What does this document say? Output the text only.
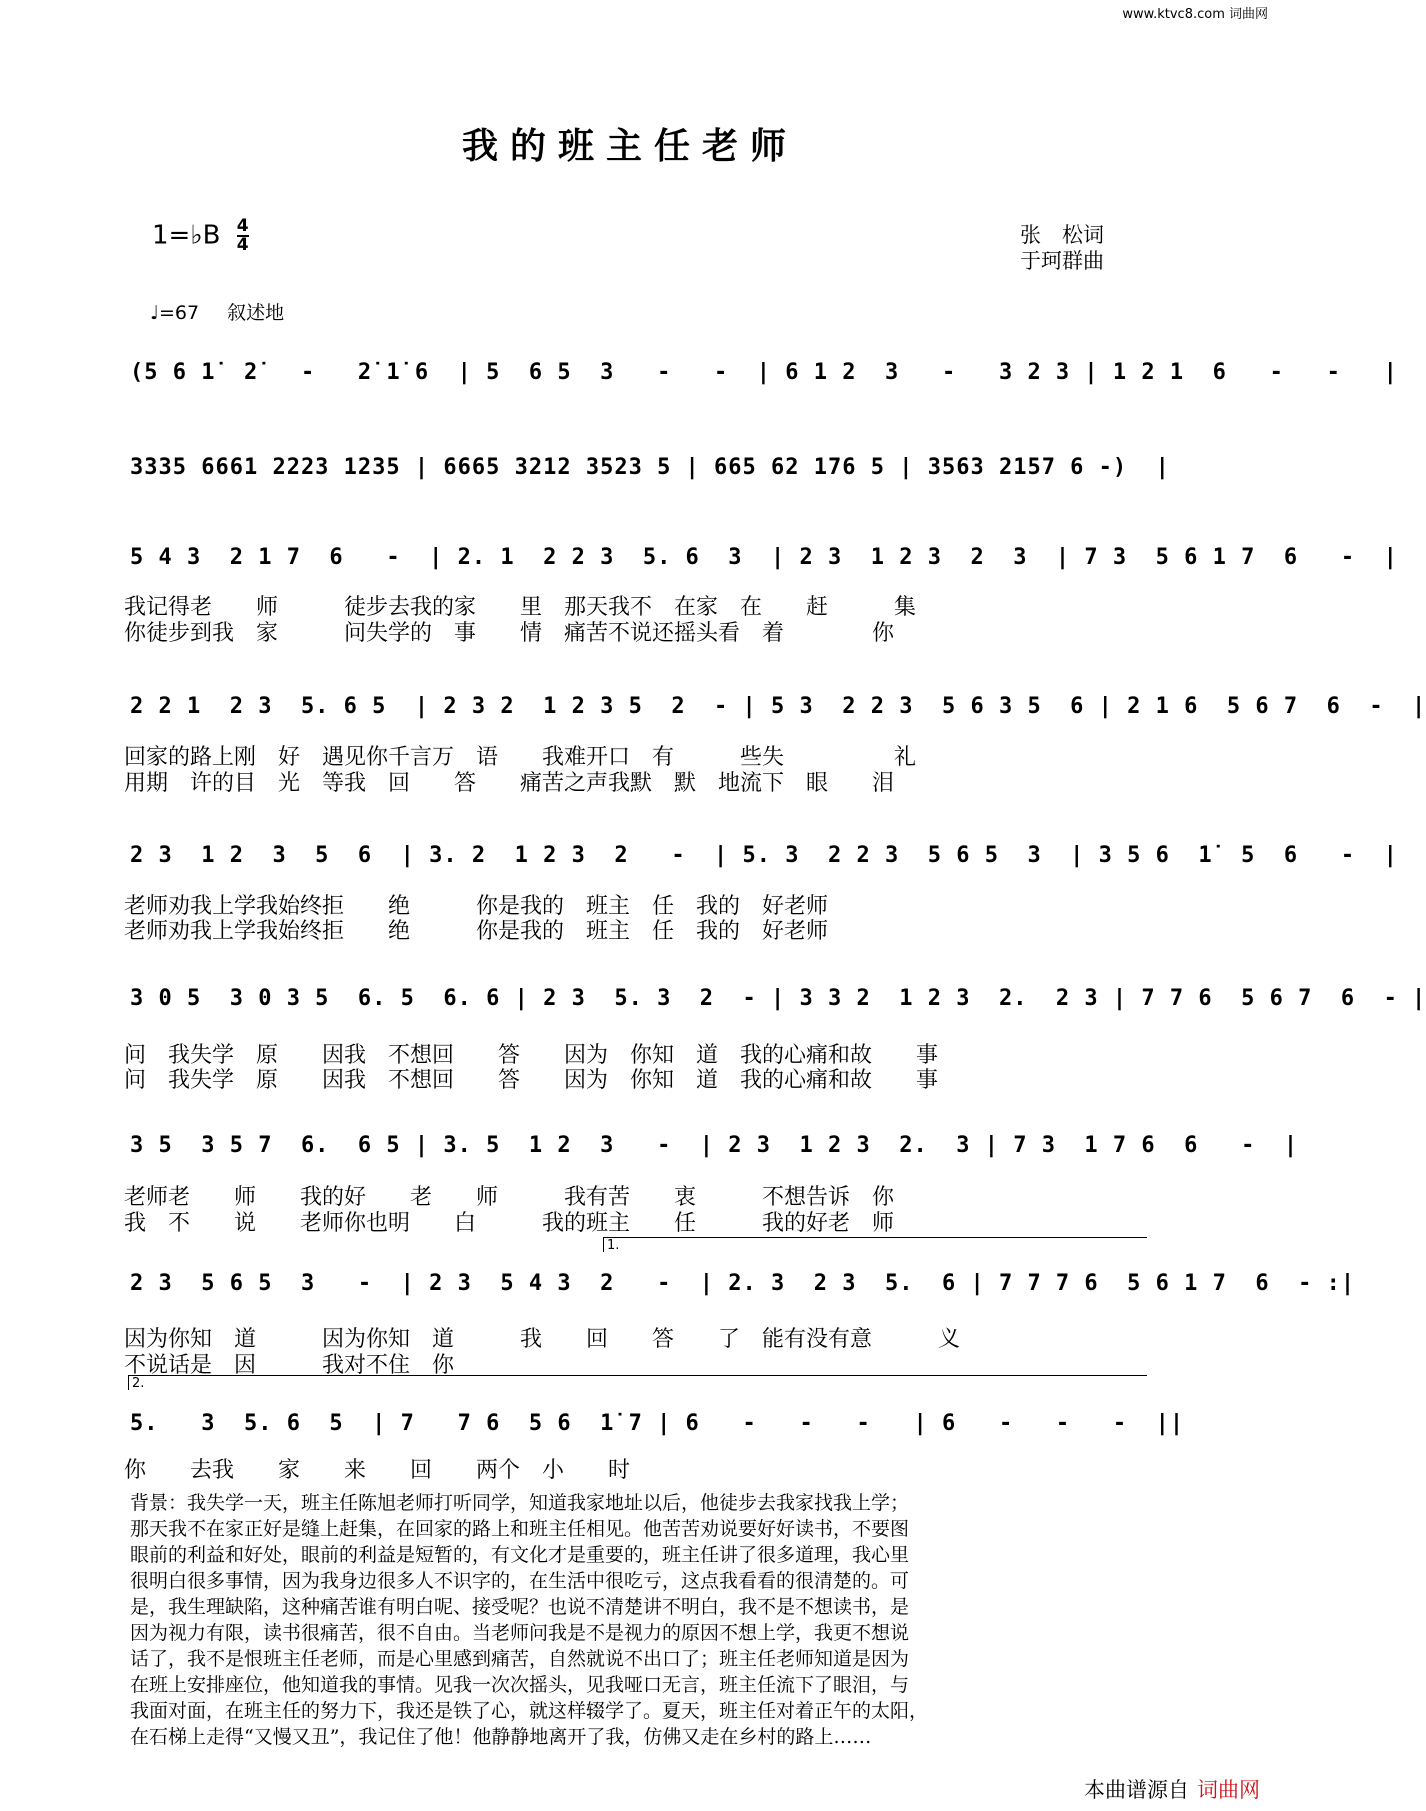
www.ktvc8.com 词曲网
我的班主任老师
1=♭B $\frac{4}{4}$	张　松词
于珂群曲
♩=67 叙述地
(5 6 1̇  2̇   -   2̇ 1̇ 6  | 5  6 5  3   -   -  | 6 1 2  3   -   3 2 3 | 1 2 1  6   -   -   |
3335 6661 2223 1235 | 6665 3212 3523 5 | 665 62 176 5 | 3563 2157 6 -)  |
5 4 3  2 1 7  6   -  | 2. 1  2 2 3  5. 6  3  | 2 3  1 2 3  2  3  | 7 3  5 6 1 7  6   -  |
我记得老　　师　　　徒步去我的家　　里　那天我不　在家　在　　赶　　　集
你徒步到我　家　　　问失学的　事　　情　痛苦不说还摇头看　着　　　　你
2 2 1  2 3  5. 6 5  | 2 3 2  1 2 3 5  2  - | 5 3  2 2 3  5 6 3 5  6 | 2 1 6  5 6 7  6  -  |
回家的路上刚　好　遇见你千言万　语　　我难开口　有　　　些失　　　　　礼
用期　许的目　光　等我　回　　答　　痛苦之声我默　默　地流下　眼　　泪
2 3  1 2  3  5  6  | 3. 2  1 2 3  2   -  | 5. 3  2 2 3  5 6 5  3  | 3 5 6  1̇  5  6   -  |
老师劝我上学我始终拒　　绝　　　你是我的　班主　任　我的　好老师
老师劝我上学我始终拒　　绝　　　你是我的　班主　任　我的　好老师
3 0 5  3 0 3 5  6. 5  6. 6 | 2 3  5. 3  2  - | 3 3 2  1 2 3  2.  2 3 | 7 7 6  5 6 7  6  - |
问　我失学　原　　因我　不想回　　答　　因为　你知　道　我的心痛和故　　事
问　我失学　原　　因我　不想回　　答　　因为　你知　道　我的心痛和故　　事
3 5  3 5 7  6.  6 5 | 3. 5  1 2  3   -  | 2 3  1 2 3  2.  3 | 7 3  1 7 6  6   -  |
老师老　　师　　我的好　　老　　师　　　我有苦　　衷　　　不想告诉　你
我　不　　说　　老师你也明　　白　　　我的班主　　任　　　我的好老　师
1.
2 3  5 6 5  3   -  | 2 3  5 4 3  2   -  | 2. 3  2 3  5.  6 | 7 7 7 6  5 6 1 7  6  - :|
因为你知　道　　　因为你知　道　　　我　　回　　答　　了　能有没有意　　　义
不说话是　因　　　我对不住　你
2.
5.   3  5. 6  5  | 7   7 6  5 6  1̇ 7 | 6   -   -   -   | 6   -   -   -  ||
你　　去我　　家　　来　　回　　两个　小　　时

背景：我失学一天，班主任陈旭老师打听同学，知道我家地址以后，他徒步去我家找我上学；

那天我不在家正好是缝上赶集，在回家的路上和班主任相见。他苦苦劝说要好好读书，不要图

眼前的利益和好处，眼前的利益是短暂的，有文化才是重要的，班主任讲了很多道理，我心里

很明白很多事情，因为我身边很多人不识字的，在生活中很吃亏，这点我看看的很清楚的。可

是，我生理缺陷，这种痛苦谁有明白呢、接受呢？也说不清楚讲不明白，我不是不想读书，是

因为视力有限，读书很痛苦，很不自由。当老师问我是不是视力的原因不想上学，我更不想说

话了，我不是恨班主任老师，而是心里感到痛苦，自然就说不出口了；班主任老师知道是因为

在班上安排座位，他知道我的事情。见我一次次摇头，见我哑口无言，班主任流下了眼泪，与

我面对面，在班主任的努力下，我还是铁了心，就这样辍学了。夏天，班主任对着正午的太阳，

在石梯上走得“又慢又丑”，我记住了他！他静静地离开了我，仿佛又走在乡村的路上……

本曲谱源自 词曲网
